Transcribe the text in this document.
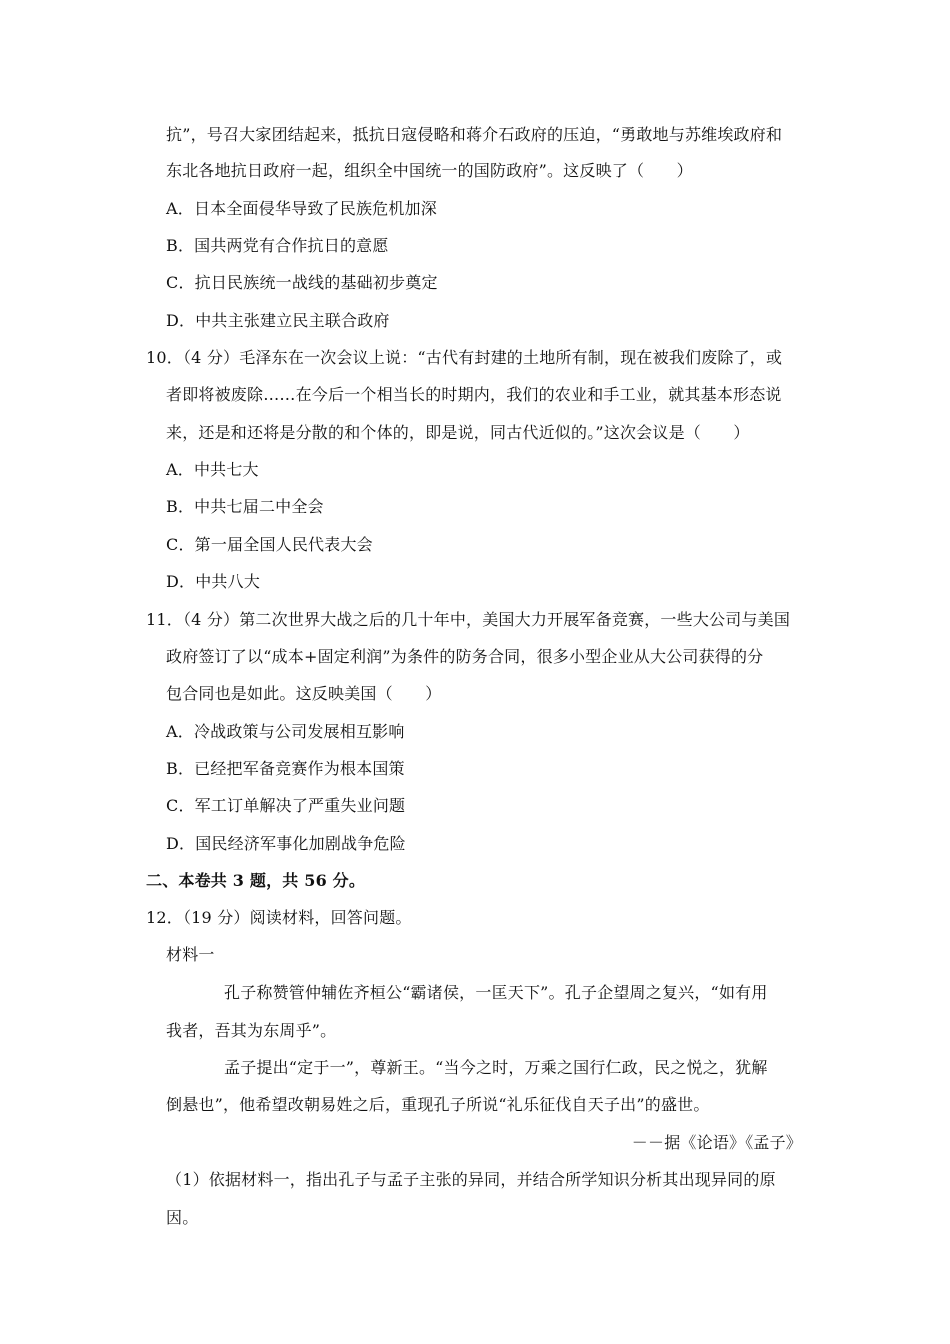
抗”，号召大家团结起来，抵抗日寇侵略和蒋介石政府的压迫，“勇敢地与苏维埃政府和
东北各地抗日政府一起，组织全中国统一的国防政府”。这反映了（　　）
A．日本全面侵华导致了民族危机加深
B．国共两党有合作抗日的意愿
C．抗日民族统一战线的基础初步奠定
D．中共主张建立民主联合政府
10．（4 分）毛泽东在一次会议上说：“古代有封建的土地所有制，现在被我们废除了，或
者即将被废除……在今后一个相当长的时期内，我们的农业和手工业，就其基本形态说
来，还是和还将是分散的和个体的，即是说，同古代近似的。”这次会议是（　　）
A．中共七大
B．中共七届二中全会
C．第一届全国人民代表大会
D．中共八大
11．（4 分）第二次世界大战之后的几十年中，美国大力开展军备竞赛，一些大公司与美国
政府签订了以“成本+固定利润”为条件的防务合同，很多小型企业从大公司获得的分
包合同也是如此。这反映美国（　　）
A．冷战政策与公司发展相互影响
B．已经把军备竞赛作为根本国策
C．军工订单解决了严重失业问题
D．国民经济军事化加剧战争危险
二、本卷共 3 题，共 56 分。
12．（19 分）阅读材料，回答问题。
材料一
孔子称赞管仲辅佐齐桓公“霸诸侯，一匡天下”。孔子企望周之复兴，“如有用
我者，吾其为东周乎”。
孟子提出“定于一”，尊新王。“当今之时，万乘之国行仁政，民之悦之，犹解
倒悬也”，他希望改朝易姓之后，重现孔子所说“礼乐征伐自天子出”的盛世。
－－据《论语》《孟子》
（1）依据材料一，指出孔子与孟子主张的异同，并结合所学知识分析其出现异同的原
因。
